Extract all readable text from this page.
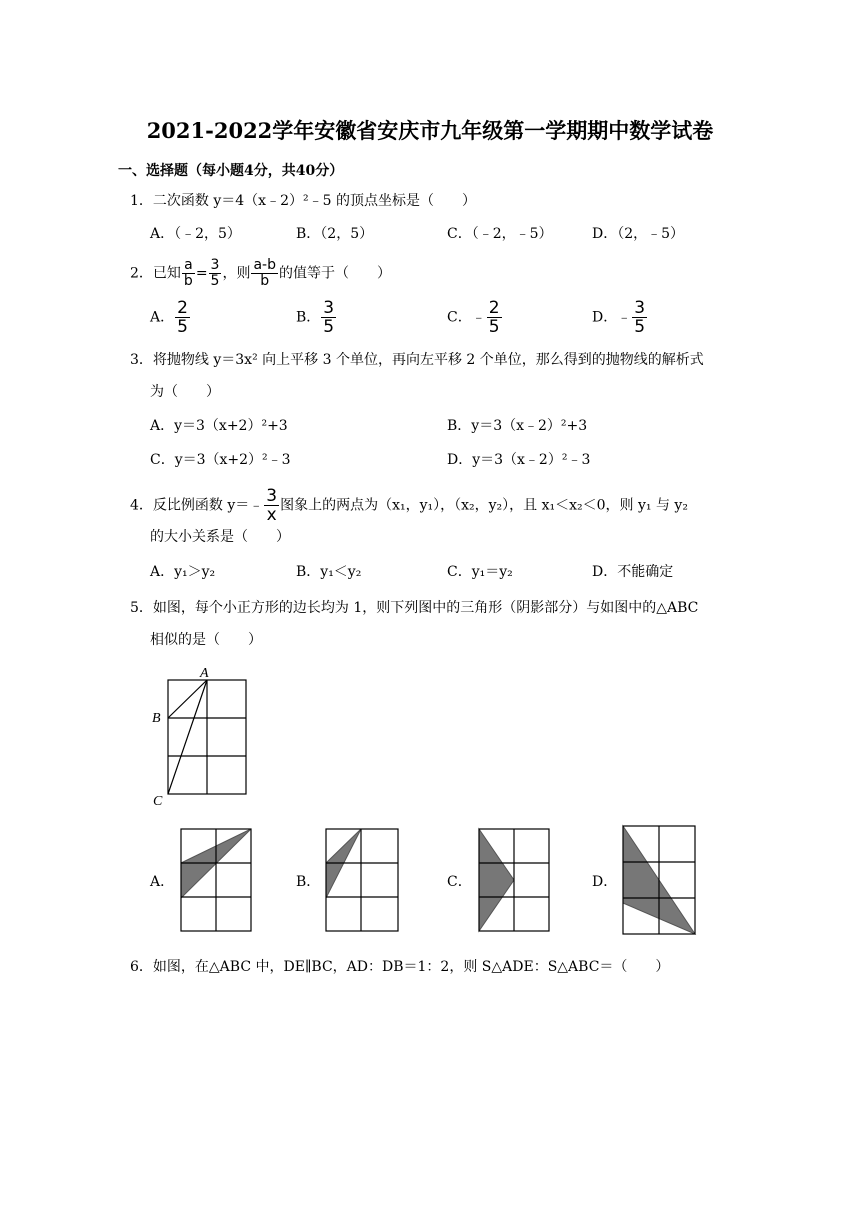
2021-2022学年安徽省安庆市九年级第一学期期中数学试卷
一、选择题（每小题4分，共40分）
1．二次函数 y＝4（x﹣2）²﹣5 的顶点坐标是（　　）
A．（﹣2，5）	B．（2，5）	C．（﹣2，﹣5）	D．（2，﹣5）
2．已知 $\frac{a}{b} = \frac{3}{5}$ ，则 $\frac{a-b}{b}$ 的值等于（　　）
A． $\frac{2}{5}$	B． $\frac{3}{5}$	C．﹣ $\frac{2}{5}$	D．﹣ $\frac{3}{5}$
3．将抛物线 y＝3x² 向上平移 3 个单位，再向左平移 2 个单位，那么得到的抛物线的解析式
为（　　）
A．y＝3（x+2）²+3	B．y＝3（x﹣2）²+3
C．y＝3（x+2）²﹣3	D．y＝3（x﹣2）²﹣3
4．反比例函数 y＝﹣ $\frac{3}{x}$ 图象上的两点为（x₁，y₁），（x₂，y₂），且 x₁＜x₂＜0，则 y₁ 与 y₂
的大小关系是（　　）
A．y₁＞y₂	B．y₁＜y₂	C．y₁＝y₂	D．不能确定
5．如图，每个小正方形的边长均为 1，则下列图中的三角形（阴影部分）与如图中的△ABC
相似的是（　　）
A
B
C
A．	B．	C．	D．
6．如图，在△ABC 中，DE∥BC，AD：DB＝1：2，则 S△ADE：S△ABC＝（　　）
